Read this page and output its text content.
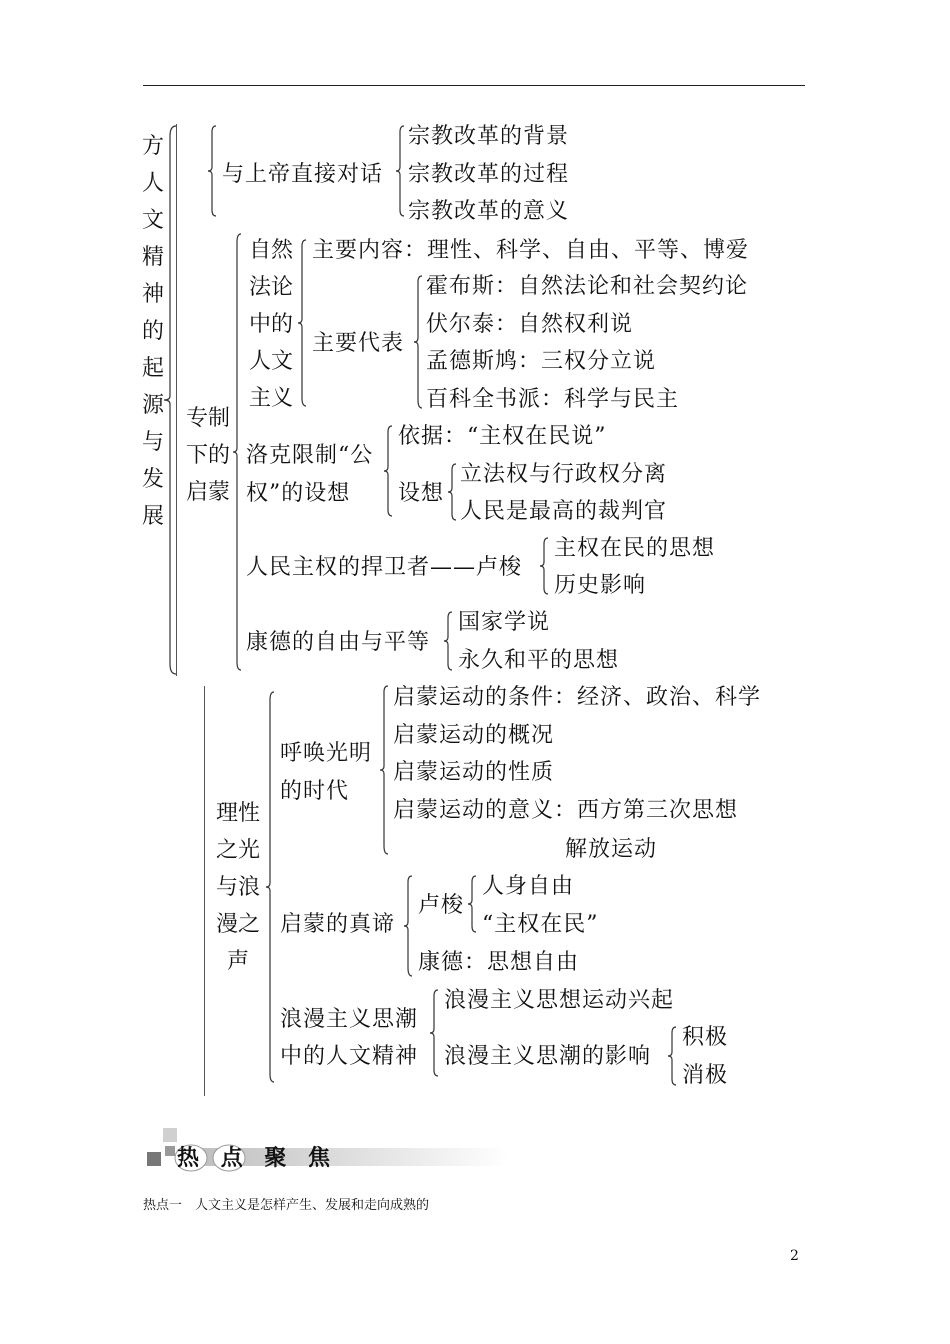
方人文精神的起源与发展
与上帝直接对话
宗教改革的背景
宗教改革的过程
宗教改革的意义
专制下的启蒙
自然法论中的人文主义
主要内容：理性、科学、自由、平等、博爱
主要代表
霍布斯：自然法论和社会契约论
伏尔泰：自然权利说
孟德斯鸠：三权分立说
百科全书派：科学与民主
洛克限制“公
权”的设想
依据：“主权在民说”
设想
立法权与行政权分离
人民是最高的裁判官
人民主权的捍卫者——卢梭
主权在民的思想
历史影响
康德的自由与平等
国家学说
永久和平的思想
理性之光与浪漫之声
呼唤光明
的时代
启蒙运动的条件：经济、政治、科学
启蒙运动的概况
启蒙运动的性质
启蒙运动的意义：西方第三次思想
解放运动
启蒙的真谛
卢梭
人身自由
“主权在民”
康德：思想自由
浪漫主义思潮
中的人文精神
浪漫主义思想运动兴起
浪漫主义思潮的影响
积极
消极
热 点 聚 焦
热点一　人文主义是怎样产生、发展和走向成熟的
2
